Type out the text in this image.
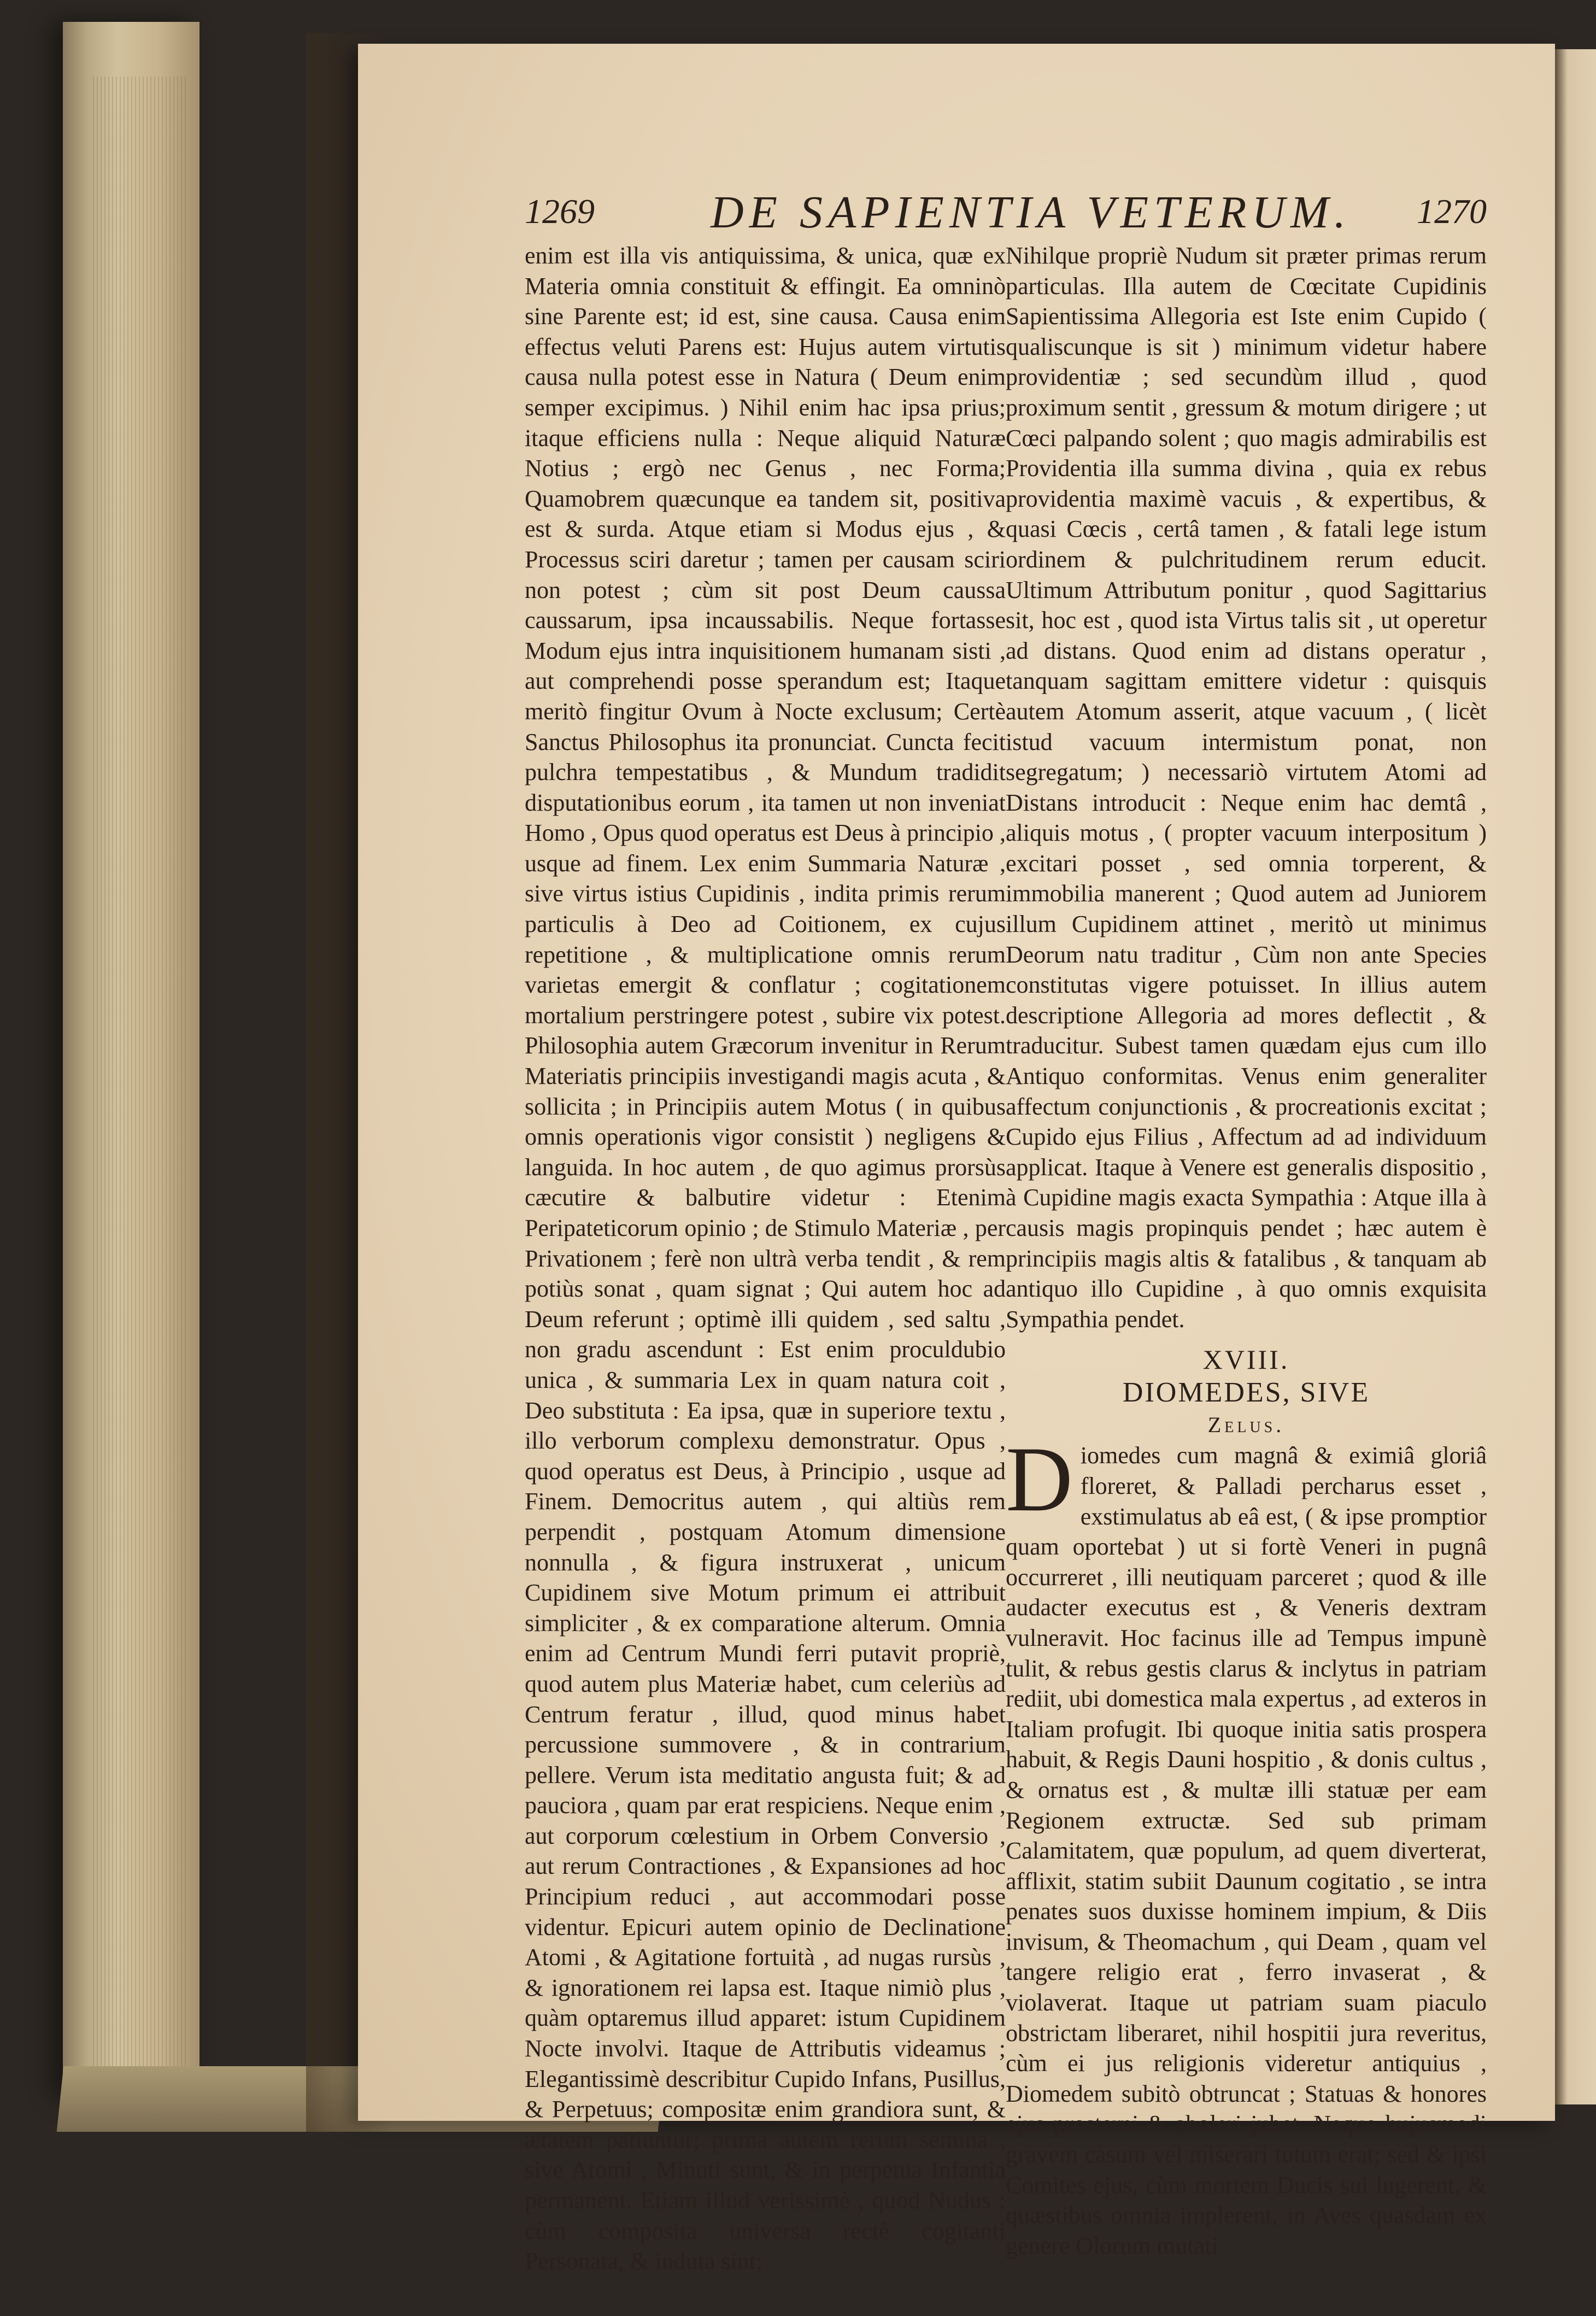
1269	DE SAPIENTIA VETERUM. 1270

enim est illa vis antiquissima, & unica, quæ ex Materia omnia constituit & effingit. Ea omninò sine Parente est; id est, sine causa. Causa enim effectus veluti Parens est: Hujus autem virtutis causa nulla potest esse in Natura ( Deum enim semper excipimus. ) Nihil enim hac ipsa prius; itaque efficiens nulla : Neque aliquid Naturæ Notius ; ergò nec Genus , nec Forma; Quamobrem quæcunque ea tandem sit, positiva est & surda. Atque etiam si Modus ejus , & Processus sciri daretur ; tamen per causam sciri non potest ; cùm sit post Deum caussa caussarum, ipsa incaussabilis. Neque fortasse Modum ejus intra inquisitionem humanam sisti , aut comprehendi posse sperandum est; Itaque meritò fingitur Ovum à Nocte exclusum; Certè Sanctus Philosophus ita pronunciat. Cuncta fecit pulchra tempestatibus , & Mundum tradidit disputationibus eorum , ita tamen ut non inveniat Homo , Opus quod operatus est Deus à principio , usque ad finem. Lex enim Summaria Naturæ , sive virtus istius Cupidinis , indita primis rerum particulis à Deo ad Coitionem, ex cujus repetitione , & multiplicatione omnis rerum varietas emergit & conflatur ; cogitationem mortalium perstringere potest , subire vix potest. Philosophia autem Græcorum invenitur in Rerum Materiatis principiis investigandi magis acuta , & sollicita ; in Principiis autem Motus ( in quibus omnis operationis vigor consistit ) negligens & languida. In hoc autem , de quo agimus prorsùs cæcutire & balbutire videtur : Etenim Peripateticorum opinio ; de Stimulo Materiæ , per Privationem ; ferè non ultrà verba tendit , & rem potiùs sonat , quam signat ; Qui autem hoc ad Deum referunt ; optimè illi quidem , sed saltu , non gradu ascendunt : Est enim proculdubio unica , & summaria Lex in quam natura coit , Deo substituta : Ea ipsa, quæ in superiore textu , illo verborum complexu demonstratur. Opus , quod operatus est Deus, à Principio , usque ad Finem. Democritus autem , qui altiùs rem perpendit , postquam Atomum dimensione nonnulla , & figura instruxerat , unicum Cupidinem sive Motum primum ei attribuit simpliciter , & ex comparatione alterum. Omnia enim ad Centrum Mundi ferri putavit propriè, quod autem plus Materiæ habet, cum celeriùs ad Centrum feratur , illud, quod minus habet percussione summovere , & in contrarium pellere. Verum ista meditatio angusta fuit; & ad pauciora , quam par erat respiciens. Neque enim , aut corporum cœlestium in Orbem Conversio , aut rerum Contractiones , & Expansiones ad hoc Principium reduci , aut accommodari posse videntur. Epicuri autem opinio de Declinatione Atomi , & Agitatione fortuità , ad nugas rursùs , & ignorationem rei lapsa est. Itaque nimiò plus , quàm optaremus illud apparet: istum Cupidinem Nocte involvi. Itaque de Attributis videamus ; Elegantissimè describitur Cupido Infans, Pusillus, & Perpetuus; compositæ enim grandiora sunt, & ætatem patiuntur; prima autem rerum semina , sive Atomi , Minuti sunt, & in perpetua Infantia permanent. Etiam illud verissimè , quod Nudus : cùm composita universa rectè cogitanti Personata, & induta sint;

Nihilque propriè Nudum sit præter primas rerum particulas. Illa autem de Cœcitate Cupidinis Sapientissima Allegoria est Iste enim Cupido ( qualiscunque is sit ) minimum videtur habere providentiæ ; sed secundùm illud , quod proximum sentit , gressum & motum dirigere ; ut Cœci palpando solent ; quo magis admirabilis est Providentia illa summa divina , quia ex rebus providentia maximè vacuis , & expertibus, & quasi Cœcis , certâ tamen , & fatali lege istum ordinem & pulchritudinem rerum educit. Ultimum Attributum ponitur , quod Sagittarius sit, hoc est , quod ista Virtus talis sit , ut operetur ad distans. Quod enim ad distans operatur , tanquam sagittam emittere videtur : quisquis autem Atomum asserit, atque vacuum , ( licèt istud vacuum intermistum ponat, non segregatum; ) necessariò virtutem Atomi ad Distans introducit : Neque enim hac demtâ , aliquis motus , ( propter vacuum interpositum ) excitari posset , sed omnia torperent, & immobilia manerent ; Quod autem ad Juniorem illum Cupidinem attinet , meritò ut minimus Deorum natu traditur , Cùm non ante Species constitutas vigere potuisset. In illius autem descriptione Allegoria ad mores deflectit , & traducitur. Subest tamen quædam ejus cum illo Antiquo conformitas. Venus enim generaliter affectum conjunctionis , & procreationis excitat ; Cupido ejus Filius , Affectum ad ad individuum applicat. Itaque à Venere est generalis dispositio , à Cupidine magis exacta Sympathia : Atque illa à causis magis propinquis pendet ; hæc autem è principiis magis altis & fatalibus , & tanquam ab antiquo illo Cupidine , à quo omnis exquisita Sympathia pendet.

XVIII.
DIOMEDES, SIVE
Zelus.

Diomedes cum magnâ & eximiâ gloriâ floreret, & Palladi percharus esset , exstimulatus ab eâ est, ( & ipse promptior quam oportebat ) ut si fortè Veneri in pugnâ occurreret , illi neutiquam parceret ; quod & ille audacter executus est , & Veneris dextram vulneravit. Hoc facinus ille ad Tempus impunè tulit, & rebus gestis clarus & inclytus in patriam rediit, ubi domestica mala expertus , ad exteros in Italiam profugit. Ibi quoque initia satis prospera habuit, & Regis Dauni hospitio , & donis cultus , & ornatus est , & multæ illi statuæ per eam Regionem extructæ. Sed sub primam Calamitatem, quæ populum, ad quem diverterat, afflixit, statim subiit Daunum cogitatio , se intra penates suos duxisse hominem impium, & Diis invisum, & Theomachum , qui Deam , quam vel tangere religio erat , ferro invaserat , & violaverat. Itaque ut patriam suam piaculo obstrictam liberaret, nihil hospitii jura reveritus, cùm ei jus religionis videretur antiquius , Diomedem subitò obtruncat ; Statuas & honores ejus prosterni & aboleri jubet. Neque hujusmodi gravem casum vel miserari tutum erat; sed & ipsi Comites ejus, cùm mortem Ducis sui lugerent, & quæstibus omnia implerent, in Aves quasdam ex genere Olorum mutati
